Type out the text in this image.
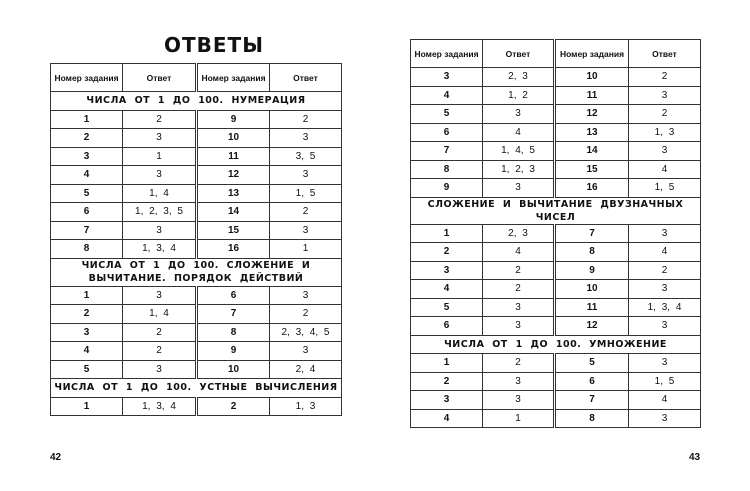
ОТВЕТЫ
42	43
Номер задания	Ответ	Номер задания	Ответ
ЧИСЛА ОТ 1 ДО 100. НУМЕРАЦИЯ			
1	2	9	2
2	3	10	3
3	1	11	3, 5
4	3	12	3
5	1, 4	13	1, 5
6	1, 2, 3, 5	14	2
7	3	15	3
8	1, 3, 4	16	1
ЧИСЛА ОТ 1 ДО 100. СЛОЖЕНИЕ И ВЫЧИТАНИЕ. ПОРЯДОК ДЕЙСТВИЙ			
1	3	6	3
2	1, 4	7	2
3	2	8	2, 3, 4, 5
4	2	9	3
5	3	10	2, 4
ЧИСЛА ОТ 1 ДО 100. УСТНЫЕ ВЫЧИСЛЕНИЯ			
1	1, 3, 4	2	1, 3
Номер задания	Ответ	Номер задания	Ответ
3	2, 3	10	2
4	1, 2	11	3
5	3	12	2
6	4	13	1, 3
7	1, 4, 5	14	3
8	1, 2, 3	15	4
9	3	16	1, 5
СЛОЖЕНИЕ И ВЫЧИТАНИЕ ДВУЗНАЧНЫХ ЧИСЕЛ			
1	2, 3	7	3
2	4	8	4
3	2	9	2
4	2	10	3
5	3	11	1, 3, 4
6	3	12	3
ЧИСЛА ОТ 1 ДО 100. УМНОЖЕНИЕ			
1	2	5	3
2	3	6	1, 5
3	3	7	4
4	1	8	3
